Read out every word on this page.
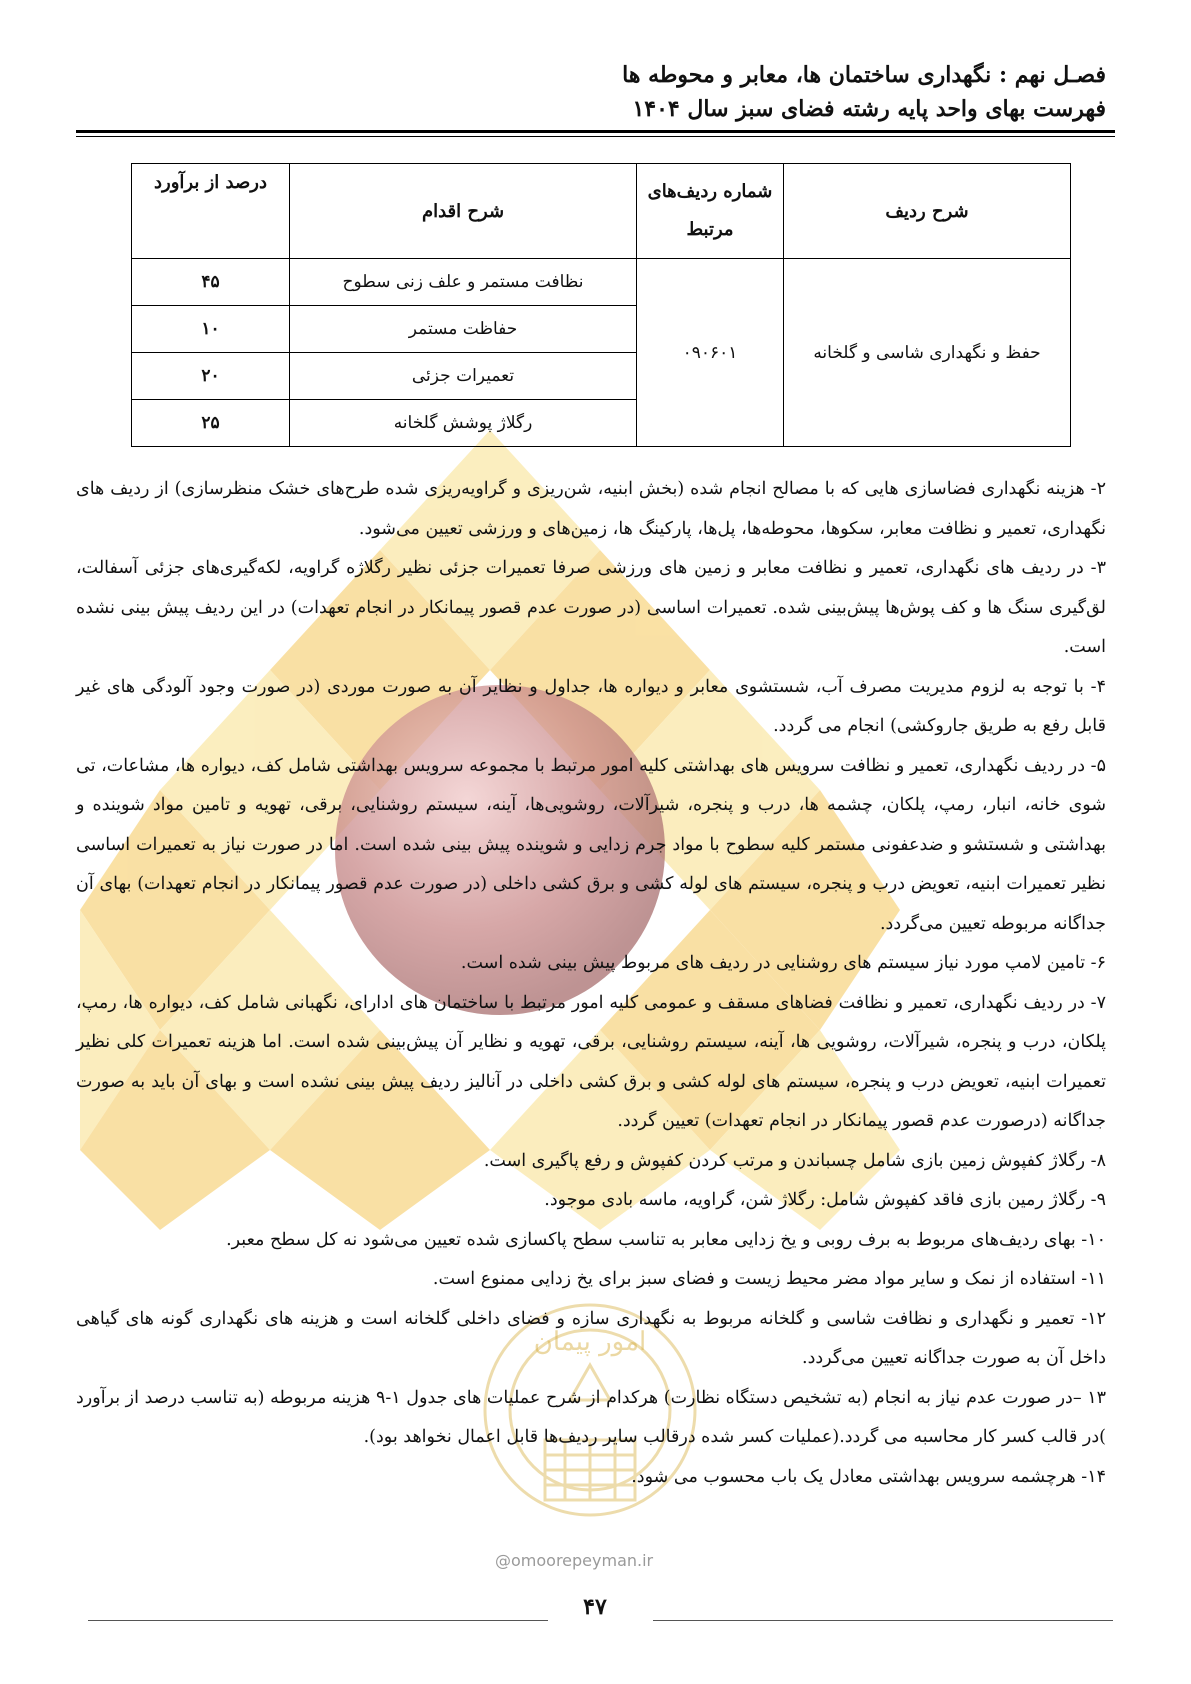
امور پیمان
@omoorepeyman.ir
فصـل نهم : نگهداری ساختمان ها، معابر و محوطه ها
فهرست بهای واحد پایه رشته فضای سبز سال ۱۴۰۴
شرح ردیف	شماره ردیف‌های مرتبط	شرح اقدام	درصد از برآورد
حفظ و نگهداری شاسی و گلخانه	۰۹۰۶۰۱	نظافت مستمر و علف زنی سطوح	۴۵
		حفاظت مستمر	۱۰
		تعمیرات جزئی	۲۰
		رگلاژ پوشش گلخانه	۲۵

۲- هزینه نگهداری فضاسازی هایی که با مصالح انجام شده (بخش ابنیه، شن‌ریزی و گراویه‌ریزی شده طرح‌های خشک منظرسازی) از ردیف های نگهداری، تعمیر و نظافت معابر، سکوها، محوطه‌ها، پل‌ها، پارکینگ ها، زمین‌های و ورزشی تعیین می‌شود.

۳- در ردیف های نگهداری، تعمیر و نظافت معابر و زمین های ورزشی صرفا تعمیرات جزئی نظیر رگلاژه گراویه، لکه‌گیری‌های جزئی آسفالت، لق‌گیری سنگ ها و کف پوش‌ها پیش‌بینی شده. تعمیرات اساسی (در صورت عدم قصور پیمانکار در انجام تعهدات) در این ردیف پیش بینی نشده است.

۴- با توجه به لزوم مدیریت مصرف آب، شستشوی معابر و دیواره ها، جداول و نظایر آن به صورت موردی (در صورت وجود آلودگی های غیر قابل رفع به طریق جاروکشی) انجام می گردد.

۵- در ردیف نگهداری، تعمیر و نظافت سرویس های بهداشتی کلیه امور مرتبط با مجموعه سرویس بهداشتی شامل کف، دیواره ها، مشاعات، تی شوی خانه، انبار، رمپ، پلکان، چشمه ها، درب و پنجره، شیرآلات، روشویی‌ها، آینه، سیستم روشنایی، برقی، تهویه و تامین مواد شوینده و بهداشتی و شستشو و ضدعفونی مستمر کلیه سطوح با مواد جرم زدایی و شوینده پیش بینی شده است. اما در صورت نیاز به تعمیرات اساسی نظیر تعمیرات ابنیه، تعویض درب و پنجره، سیستم های لوله کشی و برق کشی داخلی (در صورت عدم قصور پیمانکار در انجام تعهدات) بهای آن جداگانه مربوطه تعیین می‌گردد.

۶- تامین لامپ مورد نیاز سیستم های روشنایی در ردیف های مربوط پیش بینی شده است.

۷- در ردیف نگهداری، تعمیر و نظافت فضاهای مسقف و عمومی کلیه امور مرتبط با ساختمان های ادارای، نگهبانی شامل کف، دیواره ها، رمپ، پلکان، درب و پنجره، شیرآلات، روشویی ها، آینه، سیستم روشنایی، برقی، تهویه و نظایر آن پیش‌بینی شده است. اما هزینه تعمیرات کلی نظیر تعمیرات ابنیه، تعویض درب و پنجره، سیستم های لوله کشی و برق کشی داخلی در آنالیز ردیف پیش بینی نشده است و بهای آن باید به صورت جداگانه (درصورت عدم قصور پیمانکار در انجام تعهدات) تعیین گردد.

۸- رگلاژ کفپوش زمین بازی شامل چسباندن و مرتب کردن کفپوش و رفع پاگیری است.

۹- رگلاژ رمین بازی فاقد کفپوش شامل: رگلاژ شن، گراویه، ماسه بادی موجود.

۱۰- بهای ردیف‌های مربوط به برف روبی و یخ زدایی معابر به تناسب سطح پاکسازی شده تعیین می‌شود نه کل سطح معبر.

۱۱- استفاده از نمک و سایر مواد مضر محیط زیست و فضای سبز برای یخ زدایی ممنوع است.

۱۲- تعمیر و نگهداری و نظافت شاسی و گلخانه مربوط به نگهداری سازه و فضای داخلی گلخانه است و هزینه های نگهداری گونه های گیاهی داخل آن به صورت جداگانه تعیین می‌گردد.

۱۳ –در صورت عدم نیاز به انجام (به تشخیص دستگاه نظارت) هرکدام از شرح عملیات های جدول ۱-۹ هزینه مربوطه (به تناسب درصد از برآورد )در قالب کسر کار محاسبه می گردد.(عملیات کسر شده درقالب سایر ردیف‌ها قابل اعمال نخواهد بود).

۱۴- هرچشمه سرویس بهداشتی معادل یک باب محسوب می شود.

۴۷
